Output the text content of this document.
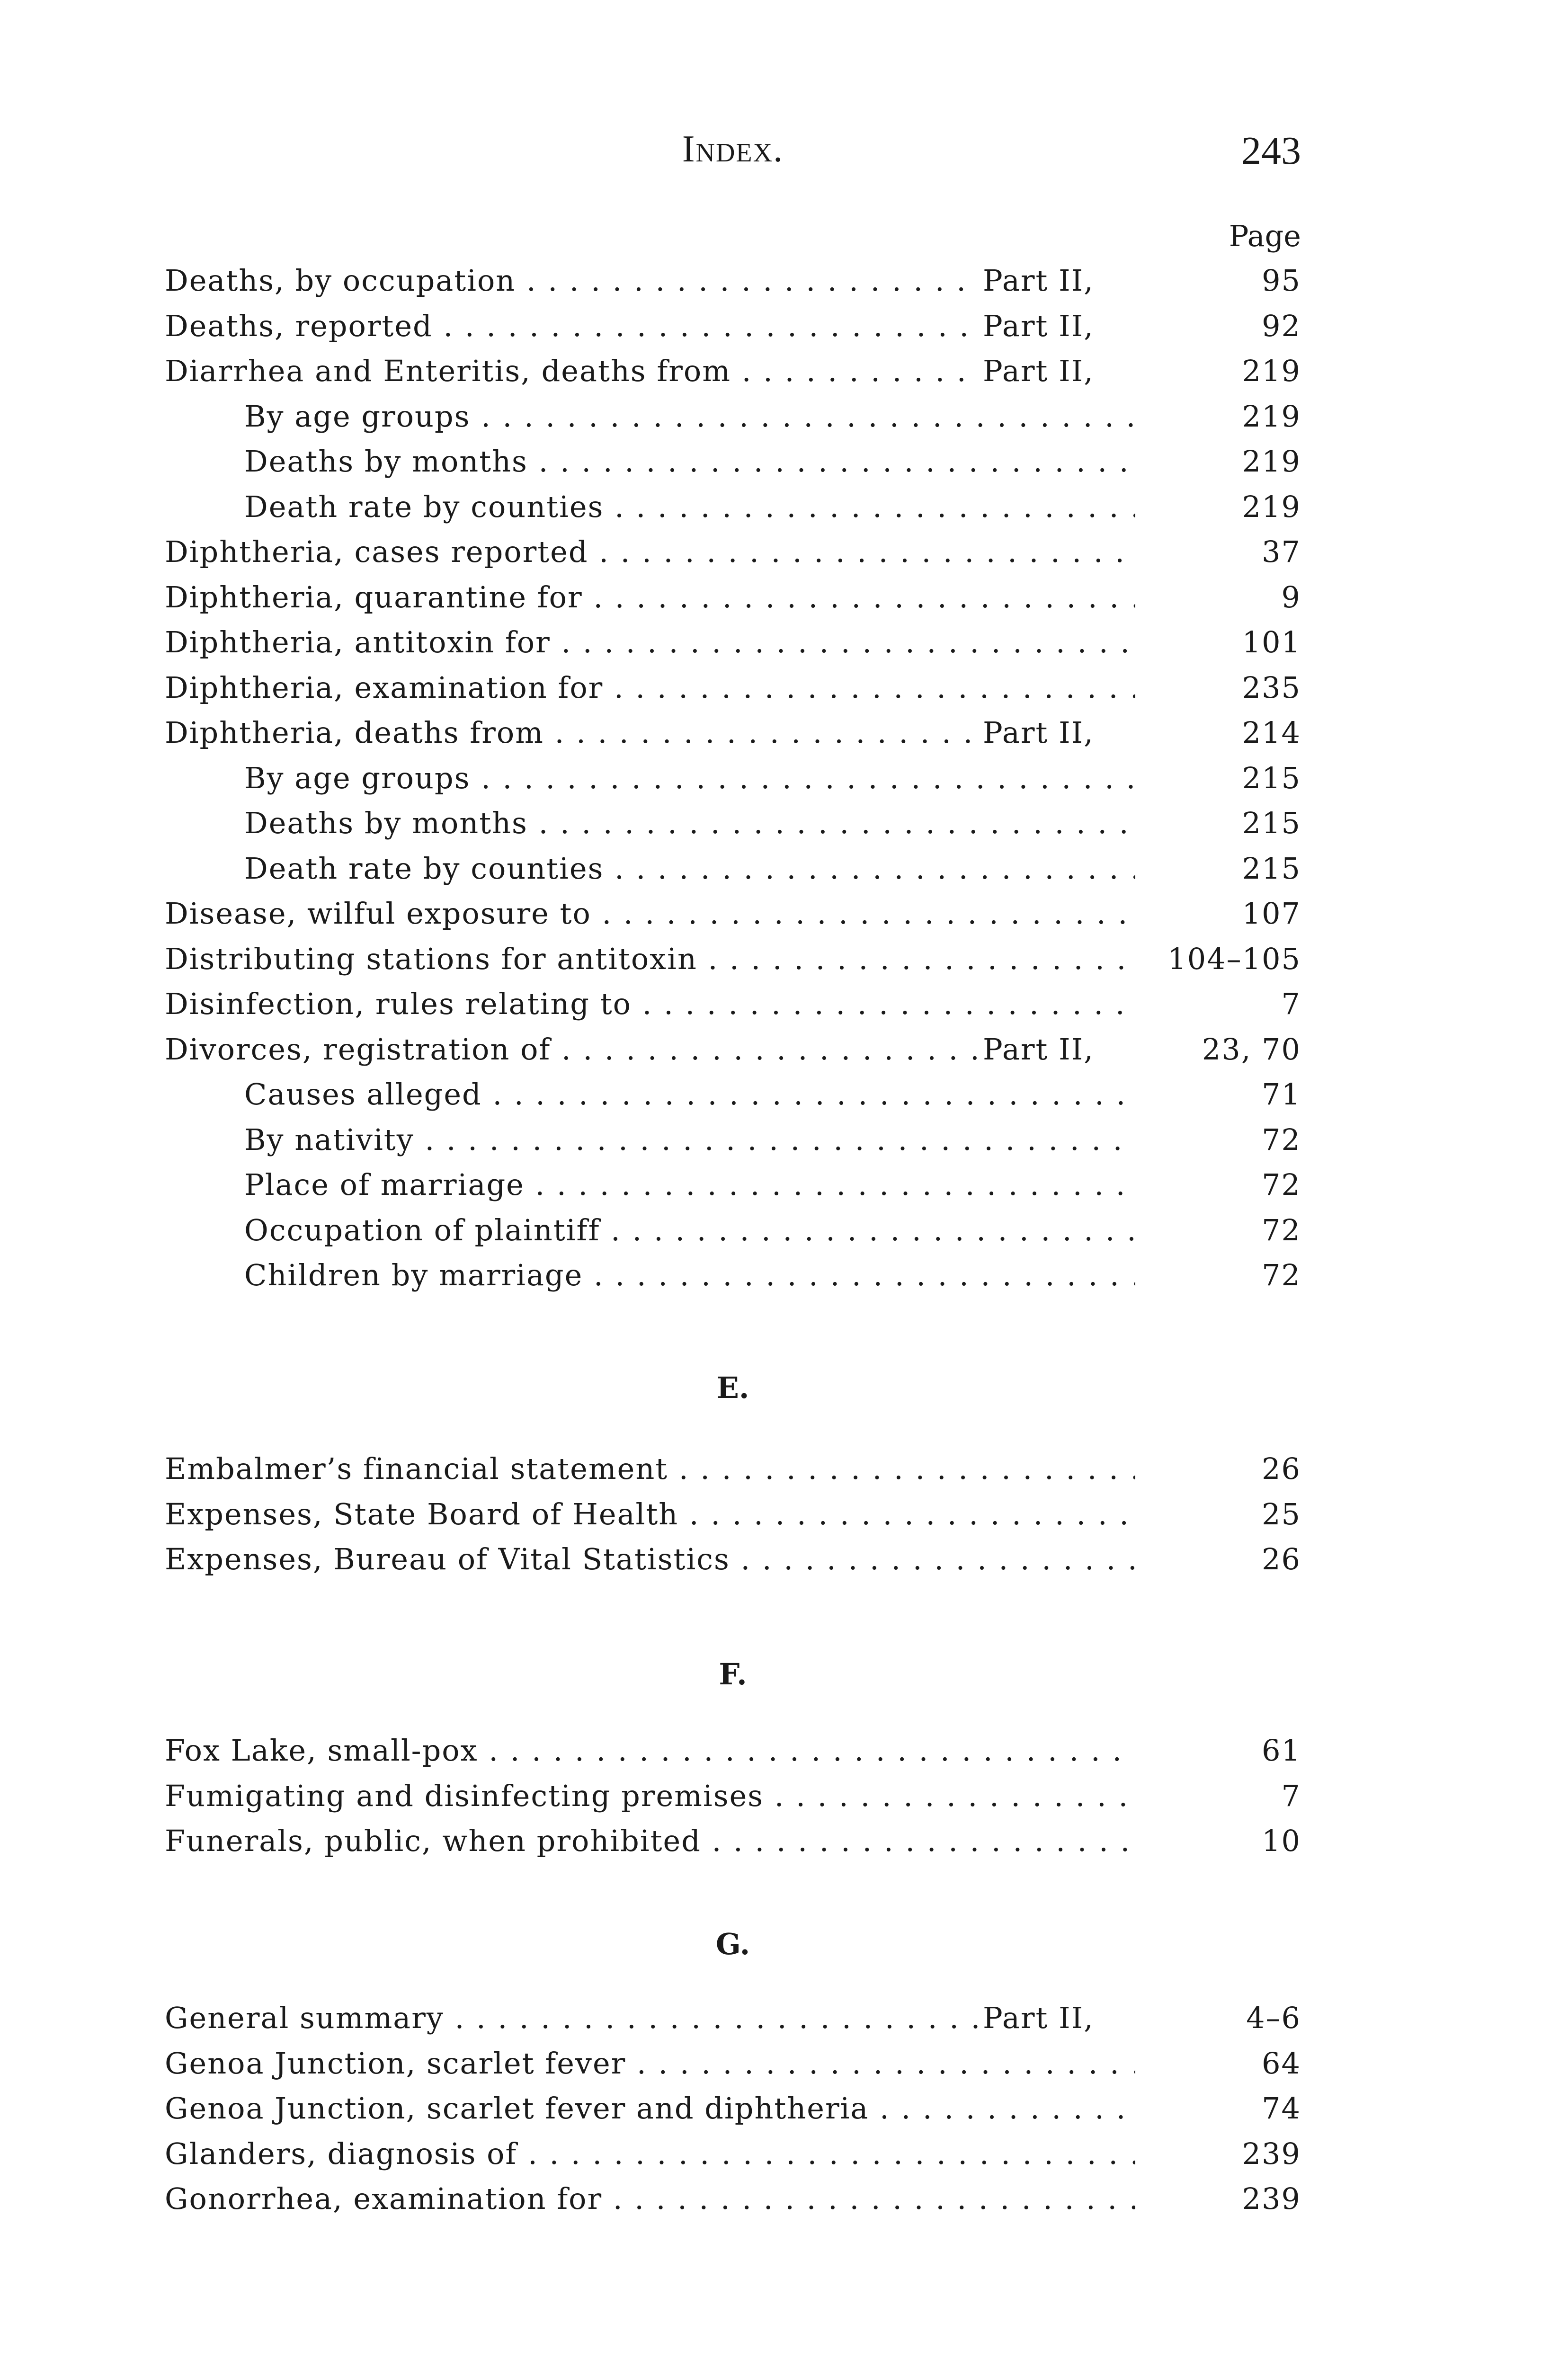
Index.	243
Page
Deaths, by occupation . . .	Part II,	95
Deaths, reported . . .	Part II,	92
Diarrhea and Enteritis, deaths from . . .	Part II,	219
By age groups . . .	219
Deaths by months . . .	219
Death rate by counties . . .	219
Diphtheria, cases reported . . .	37
Diphtheria, quarantine for . . .	9
Diphtheria, antitoxin for . . .	101
Diphtheria, examination for . . .	235
Diphtheria, deaths from . . .	Part II,	214
By age groups . . .	215
Deaths by months . . .	215
Death rate by counties . . .	215
Disease, wilful exposure to . . .	107
Distributing stations for antitoxin . . .	104–105
Disinfection, rules relating to . . .	7
Divorces, registration of . . .	Part II,	23, 70
Causes alleged . . .	71
By nativity . . .	72
Place of marriage . . .	72
Occupation of plaintiff . . .	72
Children by marriage . . .	72
E.
Embalmer’s financial statement . . .	26
Expenses, State Board of Health . . .	25
Expenses, Bureau of Vital Statistics . . .	26
F.
Fox Lake, small-pox . . .	61
Fumigating and disinfecting premises . . .	7
Funerals, public, when prohibited . . .	10
G.
General summary . . .	Part II,	4–6
Genoa Junction, scarlet fever . . .	64
Genoa Junction, scarlet fever and diphtheria . . .	74
Glanders, diagnosis of . . .	239
Gonorrhea, examination for . . .	239
